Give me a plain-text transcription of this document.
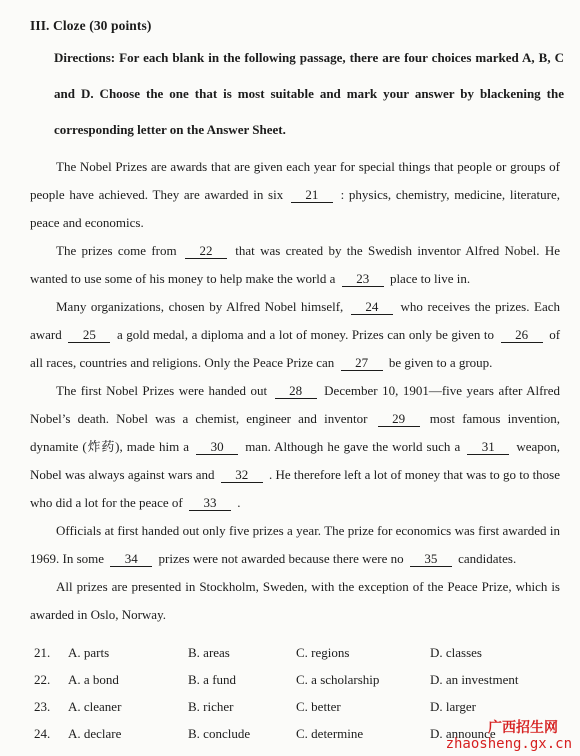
III. Cloze (30 points)
Directions: For each blank in the following passage, there are four choices marked A, B, C and D. Choose the one that is most suitable and mark your answer by blackening the corresponding letter on the Answer Sheet.

The Nobel Prizes are awards that are given each year for special things that people or groups of people have achieved. They are awarded in six 21 : physics, chemistry, medicine, literature, peace and economics.

The prizes come from 22 that was created by the Swedish inventor Alfred Nobel. He wanted to use some of his money to help make the world a 23 place to live in.

Many organizations, chosen by Alfred Nobel himself, 24 who receives the prizes. Each award 25 a gold medal, a diploma and a lot of money. Prizes can only be given to 26 of all races, countries and religions. Only the Peace Prize can 27 be given to a group.

The first Nobel Prizes were handed out 28 December 10, 1901—five years after Alfred Nobel’s death. Nobel was a chemist, engineer and inventor 29 most famous invention, dynamite (炸药), made him a 30 man. Although he gave the world such a 31 weapon, Nobel was always against wars and 32 . He therefore left a lot of money that was to go to those who did a lot for the peace of 33 .

Officials at first handed out only five prizes a year. The prize for economics was first awarded in 1969. In some 34 prizes were not awarded because there were no 35 candidates.

All prizes are presented in Stockholm, Sweden, with the exception of the Peace Prize, which is awarded in Oslo, Norway.

21. A. parts	B. areas	C. regions	D. classes
22. A. a bond	B. a fund	C. a scholarship	D. an investment
23. A. cleaner	B. richer	C. better	D. larger
24. A. declare	B. conclude	C. determine	D. announce
广西招生网
zhaosheng.gx.cn
